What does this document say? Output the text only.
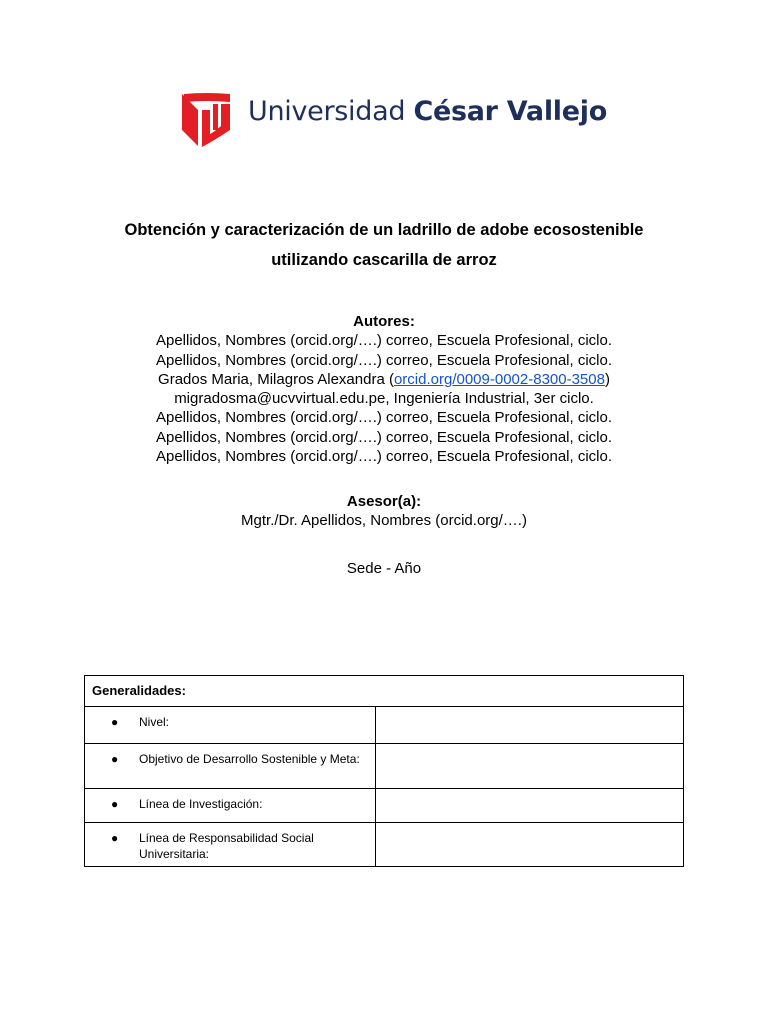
Universidad César Vallejo
Obtención y caracterización de un ladrillo de adobe ecosostenible
utilizando cascarilla de arroz
Autores:
Apellidos, Nombres (orcid.org/….) correo, Escuela Profesional, ciclo.
Apellidos, Nombres (orcid.org/….) correo, Escuela Profesional, ciclo.
Grados Maria, Milagros Alexandra (orcid.org/0009-0002-8300-3508)
migradosma@ucvvirtual.edu.pe, Ingeniería Industrial, 3er ciclo.
Apellidos, Nombres (orcid.org/….) correo, Escuela Profesional, ciclo.
Apellidos, Nombres (orcid.org/….) correo, Escuela Profesional, ciclo.
Apellidos, Nombres (orcid.org/….) correo, Escuela Profesional, ciclo.
Asesor(a):
Mgtr./Dr. Apellidos, Nombres (orcid.org/….)
Sede - Año
Generalidades:	

● Nivel:	

● Objetivo de Desarrollo Sostenible y Meta:	

● Línea de Investigación:	

● Línea de Responsabilidad Social Universitaria:	
